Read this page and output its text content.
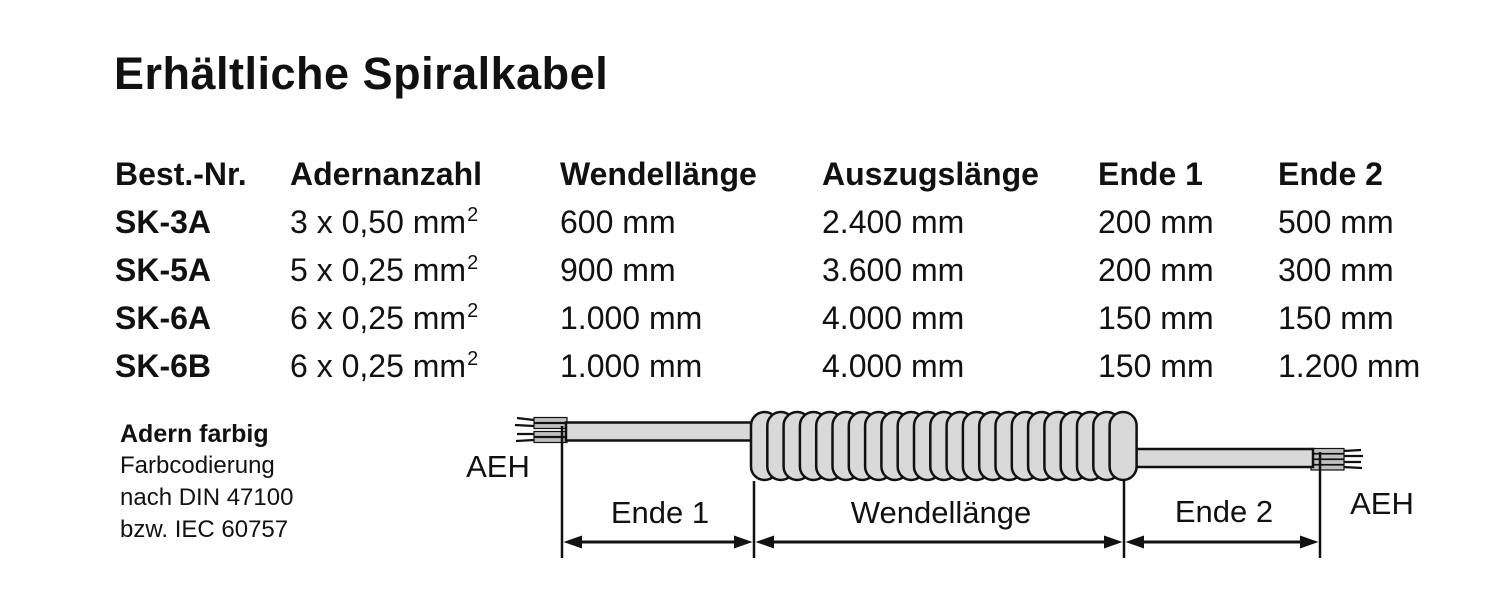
Erhältliche Spiralkabel
Best.-Nr.	Adernanzahl	Wendellänge	Auszugslänge	Ende 1	Ende 2
SK-3A	3 x 0,50 $mm^2$	600 mm	2.400 mm	200 mm	500 mm
SK-5A	5 x 0,25 $mm^2$	900 mm	3.600 mm	200 mm	300 mm
SK-6A	6 x 0,25 $mm^2$	1.000 mm	4.000 mm	150 mm	150 mm
SK-6B	6 x 0,25 $mm^2$	1.000 mm	4.000 mm	150 mm	1.200 mm
Adern farbig
Farbcodierung
nach DIN 47100
bzw. IEC 60757	Ende 1	Wendellänge	Ende 2
AEH
AEH
